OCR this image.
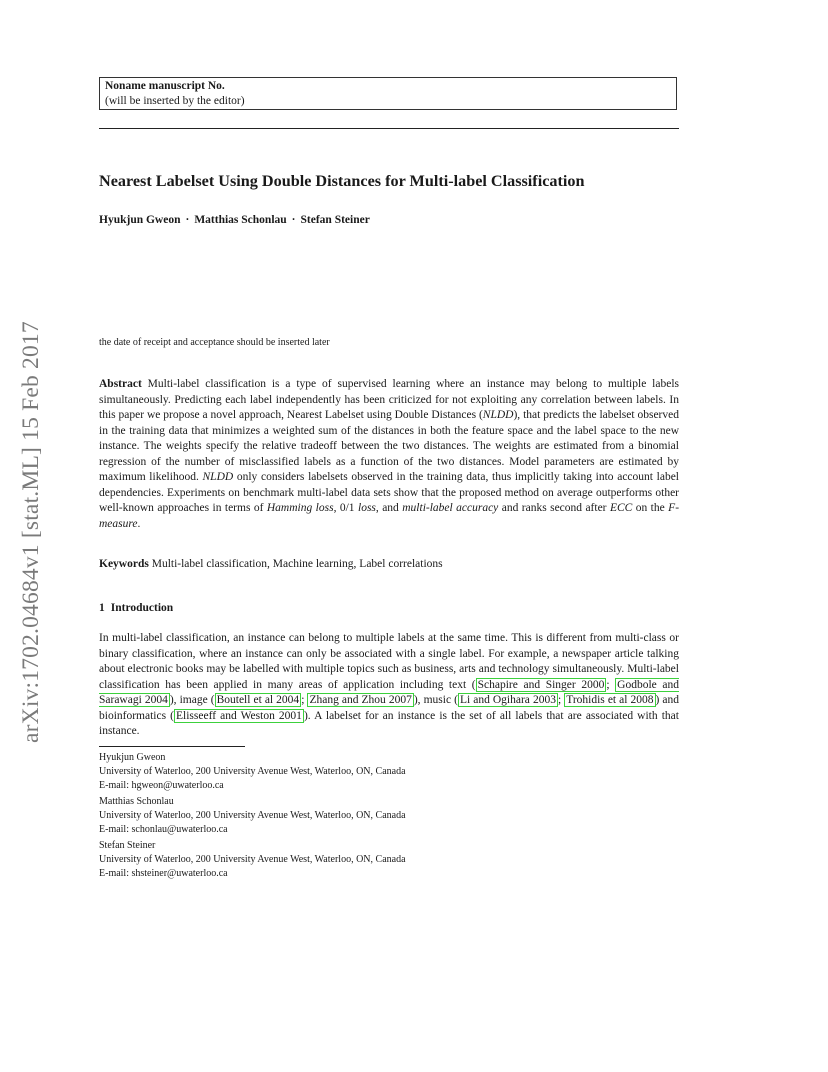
arXiv:1702.04684v1 [stat.ML] 15 Feb 2017
Noname manuscript No.
(will be inserted by the editor)
Nearest Labelset Using Double Distances for Multi-label Classification
Hyukjun Gweon · Matthias Schonlau · Stefan Steiner
the date of receipt and acceptance should be inserted later
Abstract Multi-label classification is a type of supervised learning where an instance may belong to multiple labels simultaneously. Predicting each label independently has been criticized for not exploiting any correlation between labels. In this paper we propose a novel approach, Nearest Labelset using Double Distances (NLDD), that predicts the labelset observed in the training data that minimizes a weighted sum of the distances in both the feature space and the label space to the new instance. The weights specify the relative tradeoff between the two distances. The weights are estimated from a binomial regression of the number of misclassified labels as a function of the two distances. Model parameters are estimated by maximum likelihood. NLDD only considers labelsets observed in the training data, thus implicitly taking into account label dependencies. Experiments on benchmark multi-label data sets show that the proposed method on average outperforms other well-known approaches in terms of Hamming loss, 0/1 loss, and multi-label accuracy and ranks second after ECC on the F-measure.
Keywords Multi-label classification, Machine learning, Label correlations
1 Introduction
In multi-label classification, an instance can belong to multiple labels at the same time. This is different from multi-class or binary classification, where an instance can only be associated with a single label. For example, a newspaper article talking about electronic books may be labelled with multiple topics such as business, arts and technology simultaneously. Multi-label classification has been applied in many areas of application including text ( Schapire and Singer 2000 ; Godbole and Sarawagi 2004 ), image ( Boutell et al 2004 ; Zhang and Zhou 2007 ), music ( Li and Ogihara 2003 ; Trohidis et al 2008 ) and bioinformatics ( Elisseeff and Weston 2001 ). A labelset for an instance is the set of all labels that are associated with that instance.
Hyukjun Gweon
University of Waterloo, 200 University Avenue West, Waterloo, ON, Canada
E-mail: hgweon@uwaterloo.ca
Matthias Schonlau
University of Waterloo, 200 University Avenue West, Waterloo, ON, Canada
E-mail: schonlau@uwaterloo.ca
Stefan Steiner
University of Waterloo, 200 University Avenue West, Waterloo, ON, Canada
E-mail: shsteiner@uwaterloo.ca
